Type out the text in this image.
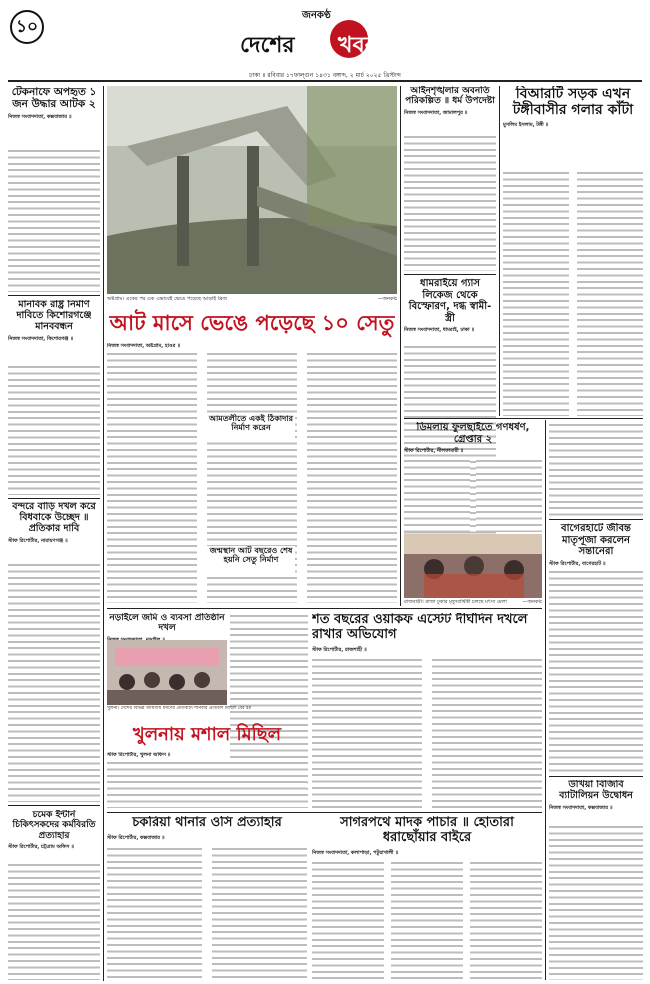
১০
জনকণ্ঠ
দেশের খবর
ঢাকা ॥ রবিবার ১৭ফাল্গুন ১৪৩১ বঙ্গাব্দ, ২ মার্চ ২০২৫ খ্রিস্টাব্দ
টেকনাফে অপহৃত ১ জন উদ্ধার আটক ২
নিজস্ব সংবাদদাতা, কক্সবাজার ॥
মানবিক রাষ্ট্র নির্মাণ দাবিতে কিশোরগঞ্জে মানববন্ধন
নিজস্ব সংবাদদাতা, কিশোরগঞ্জ ॥
বন্দরে বাড়ি দখল করে বিধবাকে উচ্ছেদ ॥ প্রতিকার দাবি
স্টাফ রিপোর্টার, নারায়ণগঞ্জ ॥
চমেক ইন্টার্ন চিকিৎসকদের কর্মবিরতি প্রত্যাহার
স্টাফ রিপোর্টার, চট্টগ্রাম অফিস ॥
অষ্টগ্রাম। একের পর এক এভাবেই ভেঙে পড়েছে আড়াই ব্রিজ	—জনকণ্ঠ
আট মাসে ভেঙে পড়েছে ১০ সেতু
নিজস্ব সংবাদদাতা, অষ্টগ্রাম, হাওর ॥
আমতলীতে একই ঠিকাদার নির্মাণ করেন
জন্মস্থান আট বছরেও শেষ হয়নি সেতু নির্মাণ
আইনশৃঙ্খলার অবনতি পরিকল্পিত ॥ ধর্ম উপদেষ্টা
নিজস্ব সংবাদদাতা, জামালপুর ॥
ধামরাইয়ে গ্যাস লিকেজ থেকে বিস্ফোরণ, দগ্ধ স্বামী-স্ত্রী
নিজস্ব সংবাদদাতা, ধামরাই, ঢাকা ॥
বিআরটি সড়ক এখন টঙ্গীবাসীর গলার কাঁটা
মুসলিম ইসলাম, টঙ্গী ॥
ডিমলায় ফুলছাইতে গণধর্ষণ, গ্রেপ্তার ২
স্টাফ রিপোর্টার, নীলফামারী ॥
রাজবাড়ী। রাজা ঢুকার মৃত্যুবার্ষিকী চলছে মৎস্য মেলা	—জনকণ্ঠ
বাগেরহাটে জীবন্ত মাতৃপূজা করলেন সন্তানেরা
স্টাফ রিপোর্টার, বাগেরহাট ॥
উখিয়া বিজিবি ব্যাটালিয়ন উদ্বোধন
নিজস্ব সংবাদদাতা, কক্সবাজার ॥
নড়াইলে জমি ও ব্যবসা প্রতিষ্ঠান দখল
শত বছরের ওয়াকফ এস্টেট দীর্ঘদিন দখলে রাখার অভিযোগ
স্টাফ রিপোর্টার, রাজশাহী ॥
খুলনা। দেশের বিভিন্ন জায়গায় ধর্ষণের প্রতিবাদে শনিবার প্রতিবাদ মিছিল বের হয়
খুলনায় মশাল মিছিল
স্টাফ রিপোর্টার, খুলনা অফিস ॥
চকরিয়া থানার ওসি প্রত্যাহার
স্টাফ রিপোর্টার, কক্সবাজার ॥
সাগরপথে মাদক পাচার ॥ হোতারা ধরাছোঁয়ার বাইরে
নিজস্ব সংবাদদাতা, কলাপাড়া, পটুয়াখালী ॥
